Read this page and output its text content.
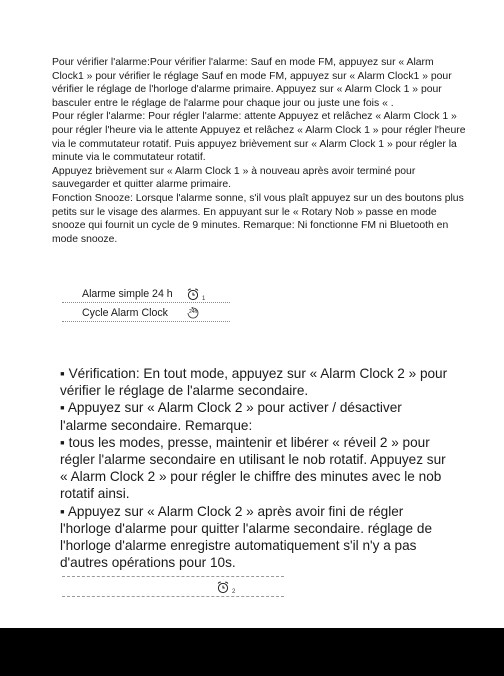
Pour vérifier l'alarme:Pour vérifier l'alarme: Sauf en mode FM, appuyez sur « Alarm Clock1 » pour vérifier le réglage Sauf en mode FM, appuyez sur « Alarm Clock1 » pour vérifier le réglage de l'horloge d'alarme primaire. Appuyez sur « Alarm Clock 1 » pour basculer entre le réglage de l'alarme pour chaque jour ou juste une fois « .

Pour régler l'alarme: Pour régler l'alarme: attente Appuyez et relâchez « Alarm Clock 1 » pour régler l'heure via le attente Appuyez et relâchez « Alarm Clock 1 » pour régler l'heure via le commutateur rotatif. Puis appuyez brièvement sur « Alarm Clock 1 » pour régler la minute via le commutateur rotatif.

Appuyez brièvement sur « Alarm Clock 1 » à nouveau après avoir terminé pour sauvegarder et quitter alarme primaire.

Fonction Snooze: Lorsque l'alarme sonne, s'il vous plaît appuyez sur un des boutons plus petits sur le visage des alarmes. En appuyant sur le « Rotary Nob » passe en mode snooze qui fournit un cycle de 9 minutes. Remarque: Ni fonctionne FM ni Bluetooth en mode snooze.

Alarme simple 24 h	1
Cycle Alarm Clock	24h

▪ Vérification: En tout mode, appuyez sur « Alarm Clock 2 » pour vérifier le réglage de l'alarme secondaire.

▪ Appuyez sur « Alarm Clock 2 » pour activer / désactiver l'alarme secondaire. Remarque:

▪ tous les modes, presse, maintenir et libérer « réveil 2 » pour régler l'alarme secondaire en utilisant le nob rotatif. Appuyez sur « Alarm Clock 2 » pour régler le chiffre des minutes avec le nob rotatif ainsi.

▪ Appuyez sur « Alarm Clock 2 » après avoir fini de régler l'horloge d'alarme pour quitter l'alarme secondaire. réglage de l'horloge d'alarme enregistre automatiquement s'il n'y a pas d'autres opérations pour 10s.

2
